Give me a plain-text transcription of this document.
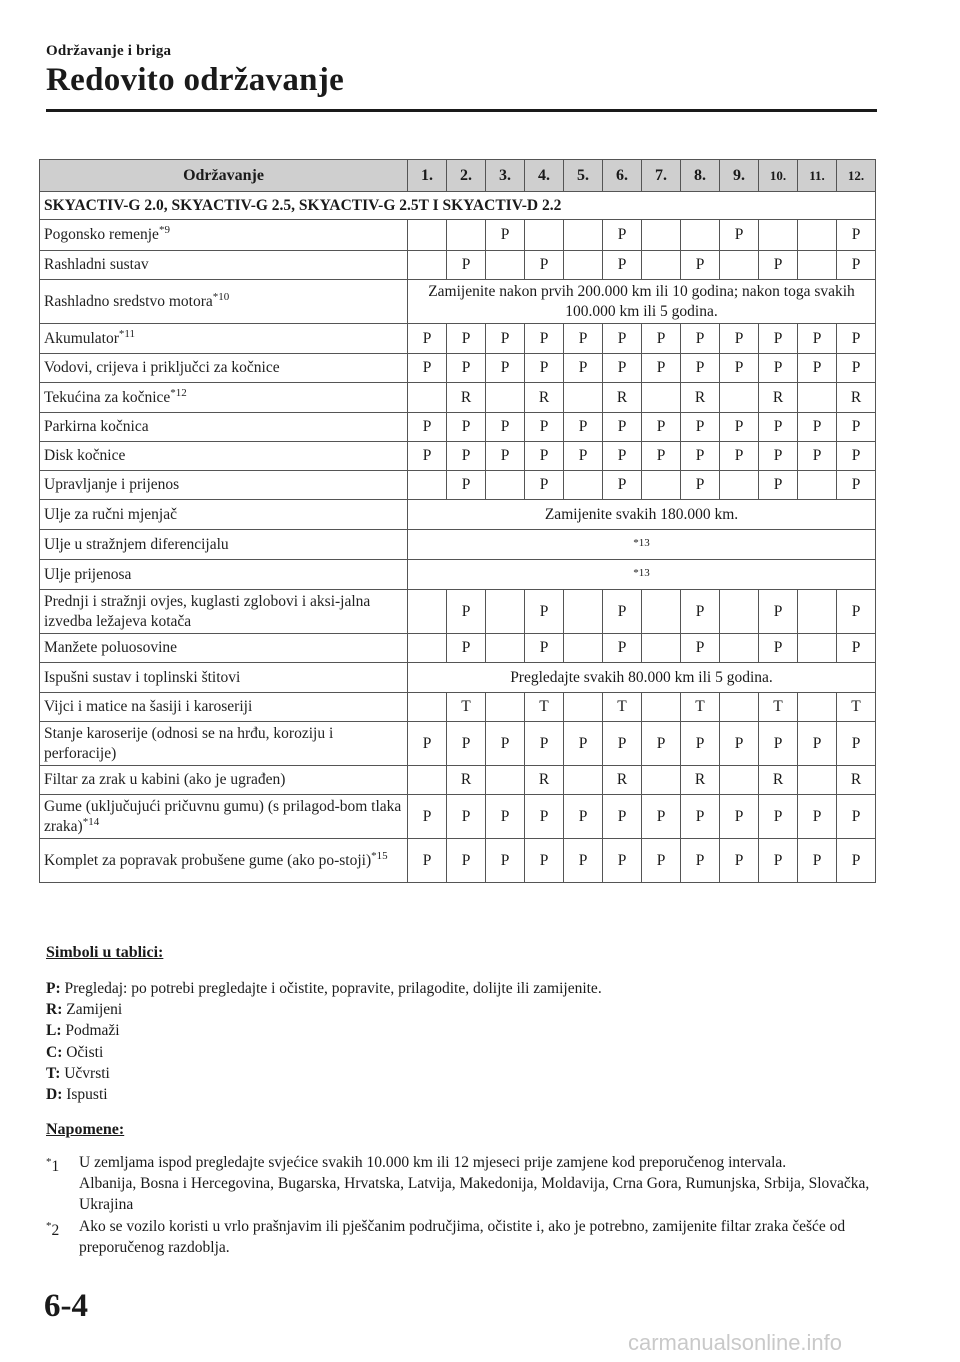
Održavanje i briga
Redovito održavanje
Održavanje	1.	2.	3.	4.	5.	6.	7.	8.	9.	10.	11.	12.
SKYACTIV-G 2.0, SKYACTIV-G 2.5, SKYACTIV-G 2.5T I SKYACTIV-D 2.2												
Pogonsko remenje$^{*9}$			P			P			P			P
Rashladni sustav		P		P		P		P		P		P
Rashladno sredstvo motora$^{*10}$	Zamijenite nakon prvih 200.000 km ili 10 godina; nakon toga svakih 100.000 km ili 5 godina.											
Akumulator$^{*11}$	P	P	P	P	P	P	P	P	P	P	P	P
Vodovi, crijeva i priključci za kočnice	P	P	P	P	P	P	P	P	P	P	P	P
Tekućina za kočnice$^{*12}$		R		R		R		R		R		R
Parkirna kočnica	P	P	P	P	P	P	P	P	P	P	P	P
Disk kočnice	P	P	P	P	P	P	P	P	P	P	P	P
Upravljanje i prijenos		P		P		P		P		P		P
Ulje za ručni mjenjač	Zamijenite svakih 180.000 km.											
Ulje u stražnjem diferencijalu	*13											
Ulje prijenosa	*13											
Prednji i stražnji ovjes, kuglasti zglobovi i aksi-jalna izvedba ležajeva kotača		P		P		P		P		P		P
Manžete poluosovine		P		P		P		P		P		P
Ispušni sustav i toplinski štitovi	Pregledajte svakih 80.000 km ili 5 godina.											
Vijci i matice na šasiji i karoseriji		T		T		T		T		T		T
Stanje karoserije (odnosi se na hrđu, koroziju i perforacije)	P	P	P	P	P	P	P	P	P	P	P	P
Filtar za zrak u kabini (ako je ugrađen)		R		R		R		R		R		R
Gume (uključujući pričuvnu gumu) (s prilagod-bom tlaka zraka)$^{*14}$	P	P	P	P	P	P	P	P	P	P	P	P
Komplet za popravak probušene gume (ako po-stoji)$^{*15}$	P	P	P	P	P	P	P	P	P	P	P	P
Simboli u tablici:
P: Pregledaj: po potrebi pregledajte i očistite, popravite, prilagodite, dolijte ili zamijenite.
R: Zamijeni
L: Podmaži
C: Očisti
T: Učvrsti
D: Ispusti
Napomene:
*1	U zemljama ispod pregledajte svjećice svakih 10.000 km ili 12 mjeseci prije zamjene kod preporučenog intervala.
Albanija, Bosna i Hercegovina, Bugarska, Hrvatska, Latvija, Makedonija, Moldavija, Crna Gora, Rumunjska, Srbija, Slovačka, Ukrajina
*2	Ako se vozilo koristi u vrlo prašnjavim ili pješčanim područjima, očistite i, ako je potrebno, zamijenite filtar zraka češće od preporučenog razdoblja.
6-4
carmanualsonline.info
